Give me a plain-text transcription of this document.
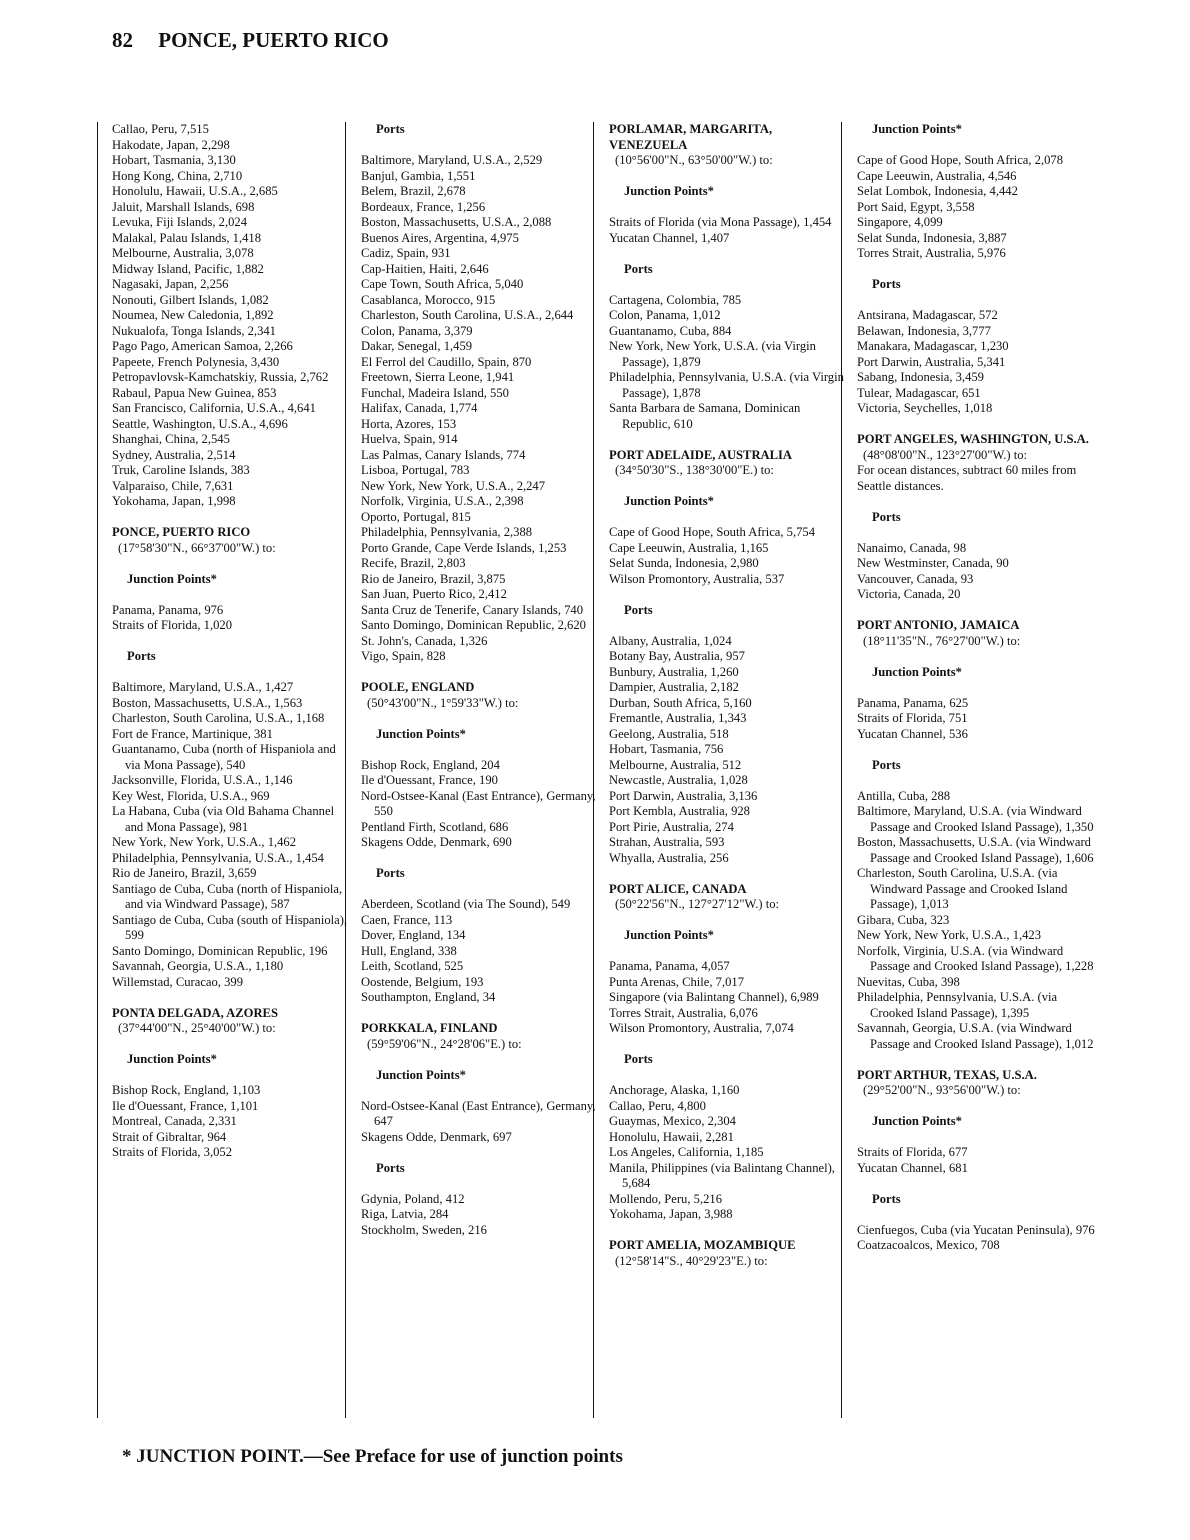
82 PONCE, PUERTO RICO

Callao, Peru, 7,515

Hakodate, Japan, 2,298

Hobart, Tasmania, 3,130

Hong Kong, China, 2,710

Honolulu, Hawaii, U.S.A., 2,685

Jaluit, Marshall Islands, 698

Levuka, Fiji Islands, 2,024

Malakal, Palau Islands, 1,418

Melbourne, Australia, 3,078

Midway Island, Pacific, 1,882

Nagasaki, Japan, 2,256

Nonouti, Gilbert Islands, 1,082

Noumea, New Caledonia, 1,892

Nukualofa, Tonga Islands, 2,341

Pago Pago, American Samoa, 2,266

Papeete, French Polynesia, 3,430

Petropavlovsk-Kamchatskiy, Russia, 2,762

Rabaul, Papua New Guinea, 853

San Francisco, California, U.S.A., 4,641

Seattle, Washington, U.S.A., 4,696

Shanghai, China, 2,545

Sydney, Australia, 2,514

Truk, Caroline Islands, 383

Valparaiso, Chile, 7,631

Yokohama, Japan, 1,998

PONCE, PUERTO RICO

(17°58'30"N., 66°37'00"W.) to:

Junction Points*

Panama, Panama, 976

Straits of Florida, 1,020

Ports

Baltimore, Maryland, U.S.A., 1,427

Boston, Massachusetts, U.S.A., 1,563

Charleston, South Carolina, U.S.A., 1,168

Fort de France, Martinique, 381

Guantanamo, Cuba (north of Hispaniola and via Mona Passage), 540

Jacksonville, Florida, U.S.A., 1,146

Key West, Florida, U.S.A., 969

La Habana, Cuba (via Old Bahama Channel and Mona Passage), 981

New York, New York, U.S.A., 1,462

Philadelphia, Pennsylvania, U.S.A., 1,454

Rio de Janeiro, Brazil, 3,659

Santiago de Cuba, Cuba (north of Hispaniola, and via Windward Passage), 587

Santiago de Cuba, Cuba (south of Hispaniola), 599

Santo Domingo, Dominican Republic, 196

Savannah, Georgia, U.S.A., 1,180

Willemstad, Curacao, 399

PONTA DELGADA, AZORES

(37°44'00"N., 25°40'00"W.) to:

Junction Points*

Bishop Rock, England, 1,103

Ile d'Ouessant, France, 1,101

Montreal, Canada, 2,331

Strait of Gibraltar, 964

Straits of Florida, 3,052

Ports

Baltimore, Maryland, U.S.A., 2,529

Banjul, Gambia, 1,551

Belem, Brazil, 2,678

Bordeaux, France, 1,256

Boston, Massachusetts, U.S.A., 2,088

Buenos Aires, Argentina, 4,975

Cadiz, Spain, 931

Cap-Haitien, Haiti, 2,646

Cape Town, South Africa, 5,040

Casablanca, Morocco, 915

Charleston, South Carolina, U.S.A., 2,644

Colon, Panama, 3,379

Dakar, Senegal, 1,459

El Ferrol del Caudillo, Spain, 870

Freetown, Sierra Leone, 1,941

Funchal, Madeira Island, 550

Halifax, Canada, 1,774

Horta, Azores, 153

Huelva, Spain, 914

Las Palmas, Canary Islands, 774

Lisboa, Portugal, 783

New York, New York, U.S.A., 2,247

Norfolk, Virginia, U.S.A., 2,398

Oporto, Portugal, 815

Philadelphia, Pennsylvania, 2,388

Porto Grande, Cape Verde Islands, 1,253

Recife, Brazil, 2,803

Rio de Janeiro, Brazil, 3,875

San Juan, Puerto Rico, 2,412

Santa Cruz de Tenerife, Canary Islands, 740

Santo Domingo, Dominican Republic, 2,620

St. John's, Canada, 1,326

Vigo, Spain, 828

POOLE, ENGLAND

(50°43'00"N., 1°59'33"W.) to:

Junction Points*

Bishop Rock, England, 204

Ile d'Ouessant, France, 190

Nord-Ostsee-Kanal (East Entrance), Germany, 550

Pentland Firth, Scotland, 686

Skagens Odde, Denmark, 690

Ports

Aberdeen, Scotland (via The Sound), 549

Caen, France, 113

Dover, England, 134

Hull, England, 338

Leith, Scotland, 525

Oostende, Belgium, 193

Southampton, England, 34

PORKKALA, FINLAND

(59°59'06"N., 24°28'06"E.) to:

Junction Points*

Nord-Ostsee-Kanal (East Entrance), Germany, 647

Skagens Odde, Denmark, 697

Ports

Gdynia, Poland, 412

Riga, Latvia, 284

Stockholm, Sweden, 216

PORLAMAR, MARGARITA, VENEZUELA

(10°56'00"N., 63°50'00"W.) to:

Junction Points*

Straits of Florida (via Mona Passage), 1,454

Yucatan Channel, 1,407

Ports

Cartagena, Colombia, 785

Colon, Panama, 1,012

Guantanamo, Cuba, 884

New York, New York, U.S.A. (via Virgin Passage), 1,879

Philadelphia, Pennsylvania, U.S.A. (via Virgin Passage), 1,878

Santa Barbara de Samana, Dominican Republic, 610

PORT ADELAIDE, AUSTRALIA

(34°50'30"S., 138°30'00"E.) to:

Junction Points*

Cape of Good Hope, South Africa, 5,754

Cape Leeuwin, Australia, 1,165

Selat Sunda, Indonesia, 2,980

Wilson Promontory, Australia, 537

Ports

Albany, Australia, 1,024

Botany Bay, Australia, 957

Bunbury, Australia, 1,260

Dampier, Australia, 2,182

Durban, South Africa, 5,160

Fremantle, Australia, 1,343

Geelong, Australia, 518

Hobart, Tasmania, 756

Melbourne, Australia, 512

Newcastle, Australia, 1,028

Port Darwin, Australia, 3,136

Port Kembla, Australia, 928

Port Pirie, Australia, 274

Strahan, Australia, 593

Whyalla, Australia, 256

PORT ALICE, CANADA

(50°22'56"N., 127°27'12"W.) to:

Junction Points*

Panama, Panama, 4,057

Punta Arenas, Chile, 7,017

Singapore (via Balintang Channel), 6,989

Torres Strait, Australia, 6,076

Wilson Promontory, Australia, 7,074

Ports

Anchorage, Alaska, 1,160

Callao, Peru, 4,800

Guaymas, Mexico, 2,304

Honolulu, Hawaii, 2,281

Los Angeles, California, 1,185

Manila, Philippines (via Balintang Channel), 5,684

Mollendo, Peru, 5,216

Yokohama, Japan, 3,988

PORT AMELIA, MOZAMBIQUE

(12°58'14"S., 40°29'23"E.) to:

Junction Points*

Cape of Good Hope, South Africa, 2,078

Cape Leeuwin, Australia, 4,546

Selat Lombok, Indonesia, 4,442

Port Said, Egypt, 3,558

Singapore, 4,099

Selat Sunda, Indonesia, 3,887

Torres Strait, Australia, 5,976

Ports

Antsirana, Madagascar, 572

Belawan, Indonesia, 3,777

Manakara, Madagascar, 1,230

Port Darwin, Australia, 5,341

Sabang, Indonesia, 3,459

Tulear, Madagascar, 651

Victoria, Seychelles, 1,018

PORT ANGELES, WASHINGTON, U.S.A.

(48°08'00"N., 123°27'00"W.) to:

For ocean distances, subtract 60 miles from Seattle distances.

Ports

Nanaimo, Canada, 98

New Westminster, Canada, 90

Vancouver, Canada, 93

Victoria, Canada, 20

PORT ANTONIO, JAMAICA

(18°11'35"N., 76°27'00"W.) to:

Junction Points*

Panama, Panama, 625

Straits of Florida, 751

Yucatan Channel, 536

Ports

Antilla, Cuba, 288

Baltimore, Maryland, U.S.A. (via Windward Passage and Crooked Island Passage), 1,350

Boston, Massachusetts, U.S.A. (via Windward Passage and Crooked Island Passage), 1,606

Charleston, South Carolina, U.S.A. (via Windward Passage and Crooked Island Passage), 1,013

Gibara, Cuba, 323

New York, New York, U.S.A., 1,423

Norfolk, Virginia, U.S.A. (via Windward Passage and Crooked Island Passage), 1,228

Nuevitas, Cuba, 398

Philadelphia, Pennsylvania, U.S.A. (via Crooked Island Passage), 1,395

Savannah, Georgia, U.S.A. (via Windward Passage and Crooked Island Passage), 1,012

PORT ARTHUR, TEXAS, U.S.A.

(29°52'00"N., 93°56'00"W.) to:

Junction Points*

Straits of Florida, 677

Yucatan Channel, 681

Ports

Cienfuegos, Cuba (via Yucatan Peninsula), 976

Coatzacoalcos, Mexico, 708

* JUNCTION POINT.—See Preface for use of junction points
